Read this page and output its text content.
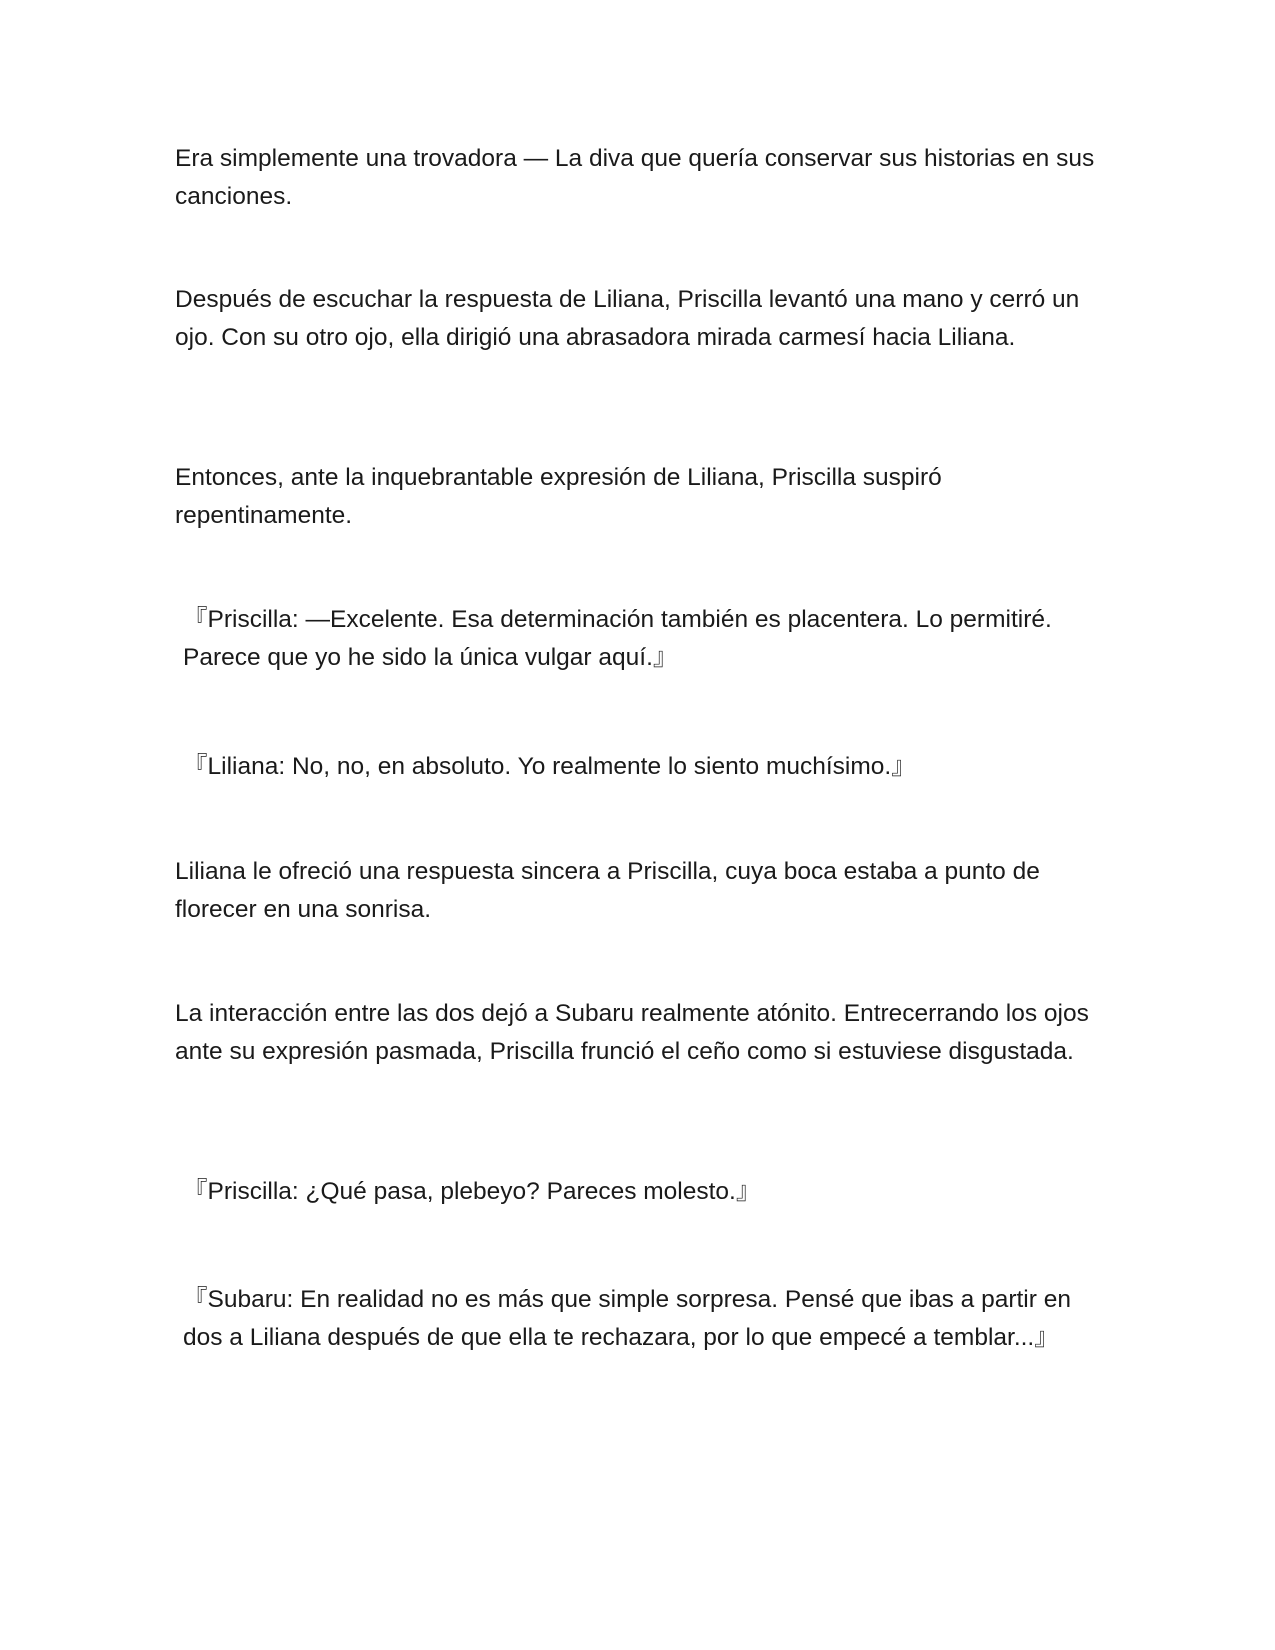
Era simplemente una trovadora — La diva que quería conservar sus historias en sus canciones.

Después de escuchar la respuesta de Liliana, Priscilla levantó una mano y cerró un ojo. Con su otro ojo, ella dirigió una abrasadora mirada carmesí hacia Liliana.

Entonces, ante la inquebrantable expresión de Liliana, Priscilla suspiró repentinamente.

『Priscilla: —Excelente. Esa determinación también es placentera. Lo permitiré. Parece que yo he sido la única vulgar aquí.』

『Liliana: No, no, en absoluto. Yo realmente lo siento muchísimo.』

Liliana le ofreció una respuesta sincera a Priscilla, cuya boca estaba a punto de florecer en una sonrisa.

La interacción entre las dos dejó a Subaru realmente atónito. Entrecerrando los ojos ante su expresión pasmada, Priscilla frunció el ceño como si estuviese disgustada.

『Priscilla: ¿Qué pasa, plebeyo? Pareces molesto.』

『Subaru: En realidad no es más que simple sorpresa. Pensé que ibas a partir en dos a Liliana después de que ella te rechazara, por lo que empecé a temblar...』
